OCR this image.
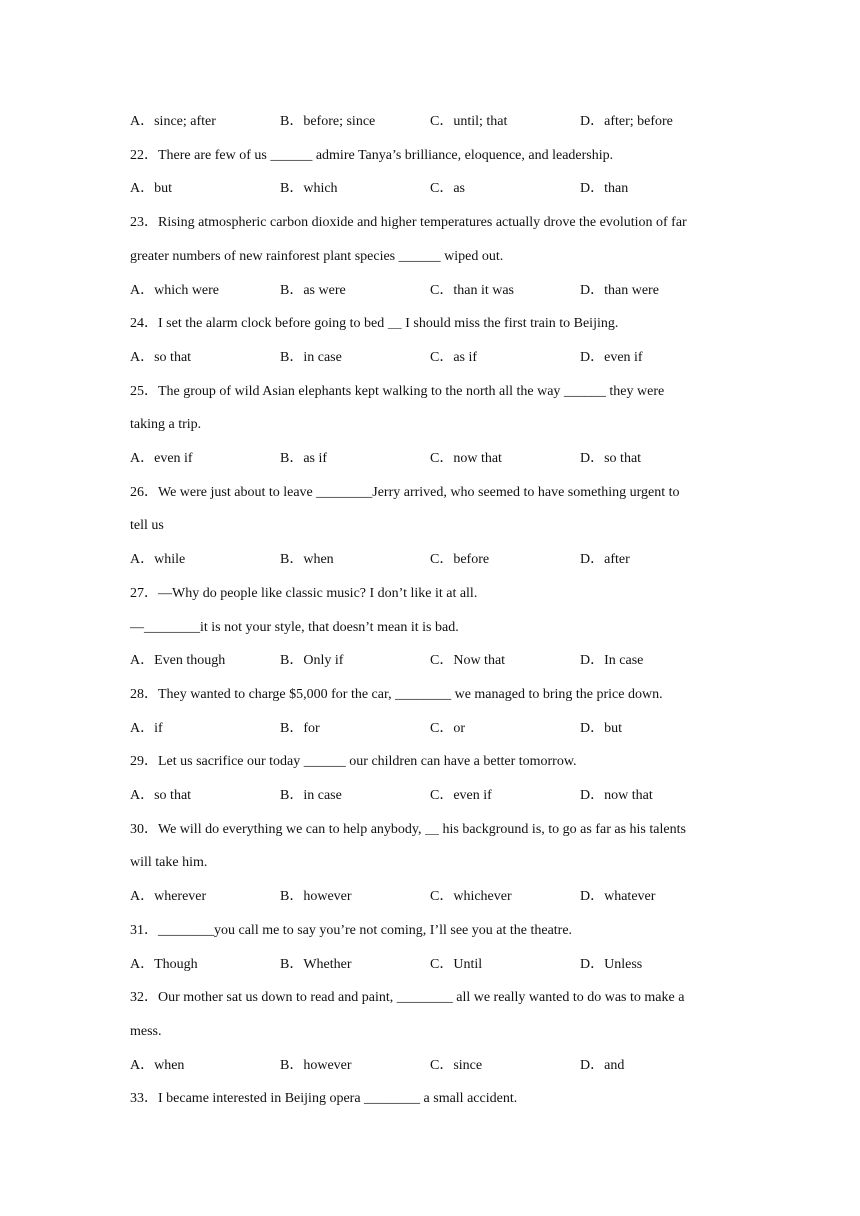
A．since; after	B．before; since	C．until; that	D．after; before
22．There are few of us ______ admire Tanya’s brilliance, eloquence, and leadership.
A．but	B．which	C．as	D．than
23．Rising atmospheric carbon dioxide and higher temperatures actually drove the evolution of far
greater numbers of new rainforest plant species ______ wiped out.
A．which were	B．as were	C．than it was	D．than were
24．I set the alarm clock before going to bed ＿ I should miss the first train to Beijing.
A．so that	B．in case	C．as if	D．even if
25．The group of wild Asian elephants kept walking to the north all the way ______ they were
taking a trip.
A．even if	B．as if	C．now that	D．so that
26．We were just about to leave ________Jerry arrived, who seemed to have something urgent to
tell us
A．while	B．when	C．before	D．after
27．—Why do people like classic music? I don’t like it at all.
—________it is not your style, that doesn’t mean it is bad.
A．Even though	B．Only if	C．Now that	D．In case
28．They wanted to charge $5,000 for the car, ________ we managed to bring the price down.
A．if	B．for	C．or	D．but
29．Let us sacrifice our today ______ our children can have a better tomorrow.
A．so that	B．in case	C．even if	D．now that
30．We will do everything we can to help anybody, ＿ his background is, to go as far as his talents
will take him.
A．wherever	B．however	C．whichever	D．whatever
31．________you call me to say you’re not coming, I’ll see you at the theatre.
A．Though	B．Whether	C．Until	D．Unless
32．Our mother sat us down to read and paint, ________ all we really wanted to do was to make a
mess.
A．when	B．however	C．since	D．and
33．I became interested in Beijing opera ________ a small accident.
